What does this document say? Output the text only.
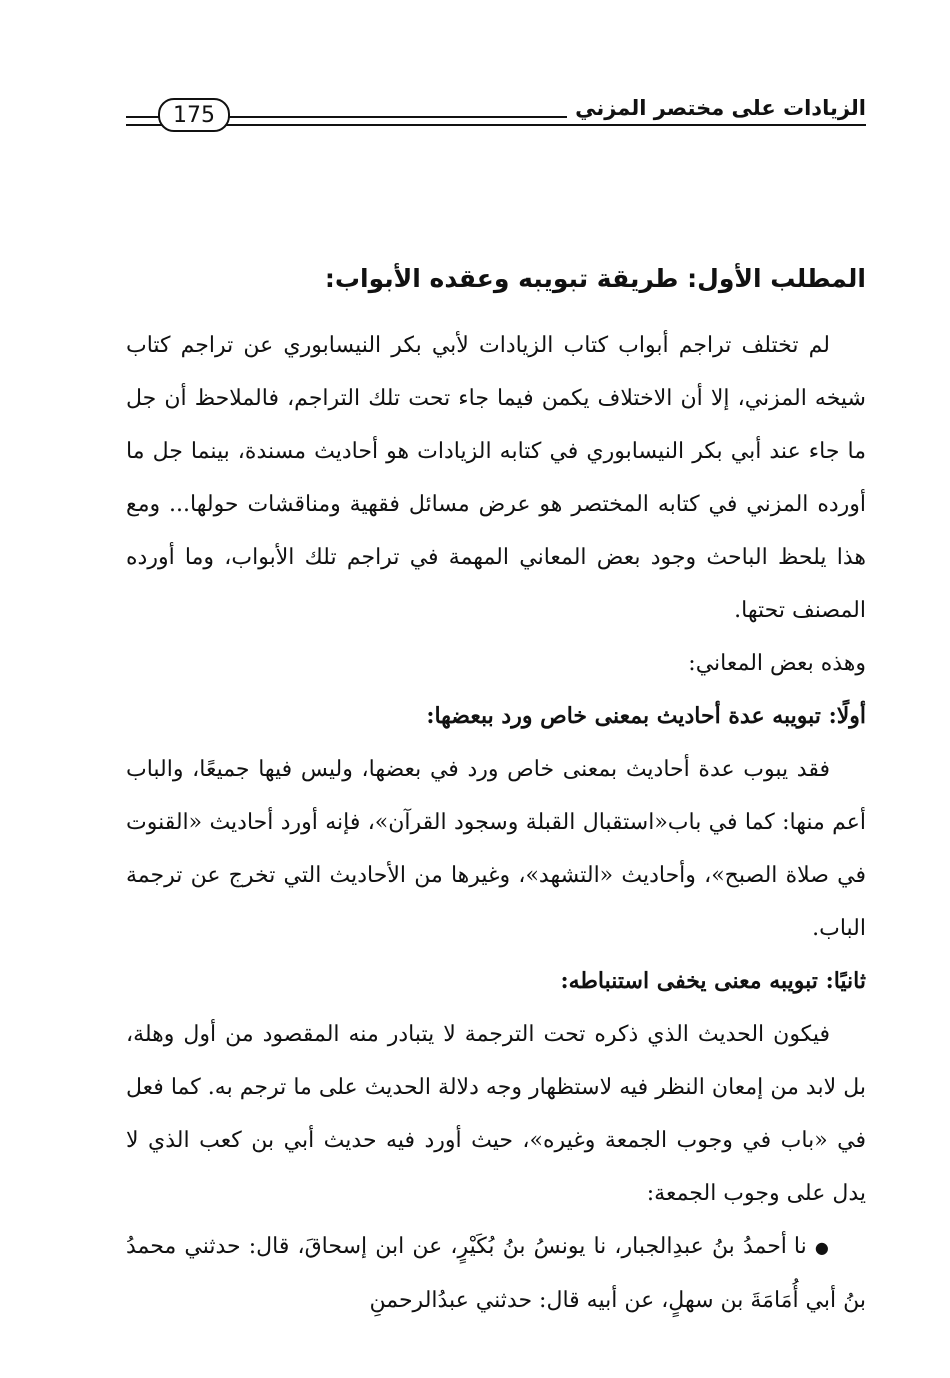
الزيادات على مختصر المزني
175
المطلب الأول: طريقة تبويبه وعقده الأبواب:

لم تختلف تراجم أبواب كتاب الزيادات لأبي بكر النيسابوري عن تراجم كتاب شيخه المزني، إلا أن الاختلاف يكمن فيما جاء تحت تلك التراجم، فالملاحظ أن جل ما جاء عند أبي بكر النيسابوري في كتابه الزيادات هو أحاديث مسندة، بينما جل ما أورده المزني في كتابه المختصر هو عرض مسائل فقهية ومناقشات حولها... ومع هذا يلحظ الباحث وجود بعض المعاني المهمة في تراجم تلك الأبواب، وما أورده المصنف تحتها.

وهذه بعض المعاني:

أولًا: تبويبه عدة أحاديث بمعنى خاص ورد ببعضها:

فقد يبوب عدة أحاديث بمعنى خاص ورد في بعضها، وليس فيها جميعًا، والباب أعم منها: كما في باب«استقبال القبلة وسجود القرآن»، فإنه أورد أحاديث «القنوت في صلاة الصبح»، وأحاديث «التشهد»، وغيرها من الأحاديث التي تخرج عن ترجمة الباب.

ثانيًا: تبويبه معنى يخفى استنباطه:

فيكون الحديث الذي ذكره تحت الترجمة لا يتبادر منه المقصود من أول وهلة، بل لابد من إمعان النظر فيه لاستظهار وجه دلالة الحديث على ما ترجم به. كما فعل في «باب في وجوب الجمعة وغيره»، حيث أورد فيه حديث أبي بن كعب الذي لا يدل على وجوب الجمعة:

● نا أحمدُ بنُ عبدِالجبار، نا يونسُ بنُ بُكَيْرٍ، عن ابن إسحاقَ، قال: حدثني محمدُ بنُ أبي أُمَامَةَ بن سهلٍ، عن أبيه قال: حدثني عبدُالرحمنِ
